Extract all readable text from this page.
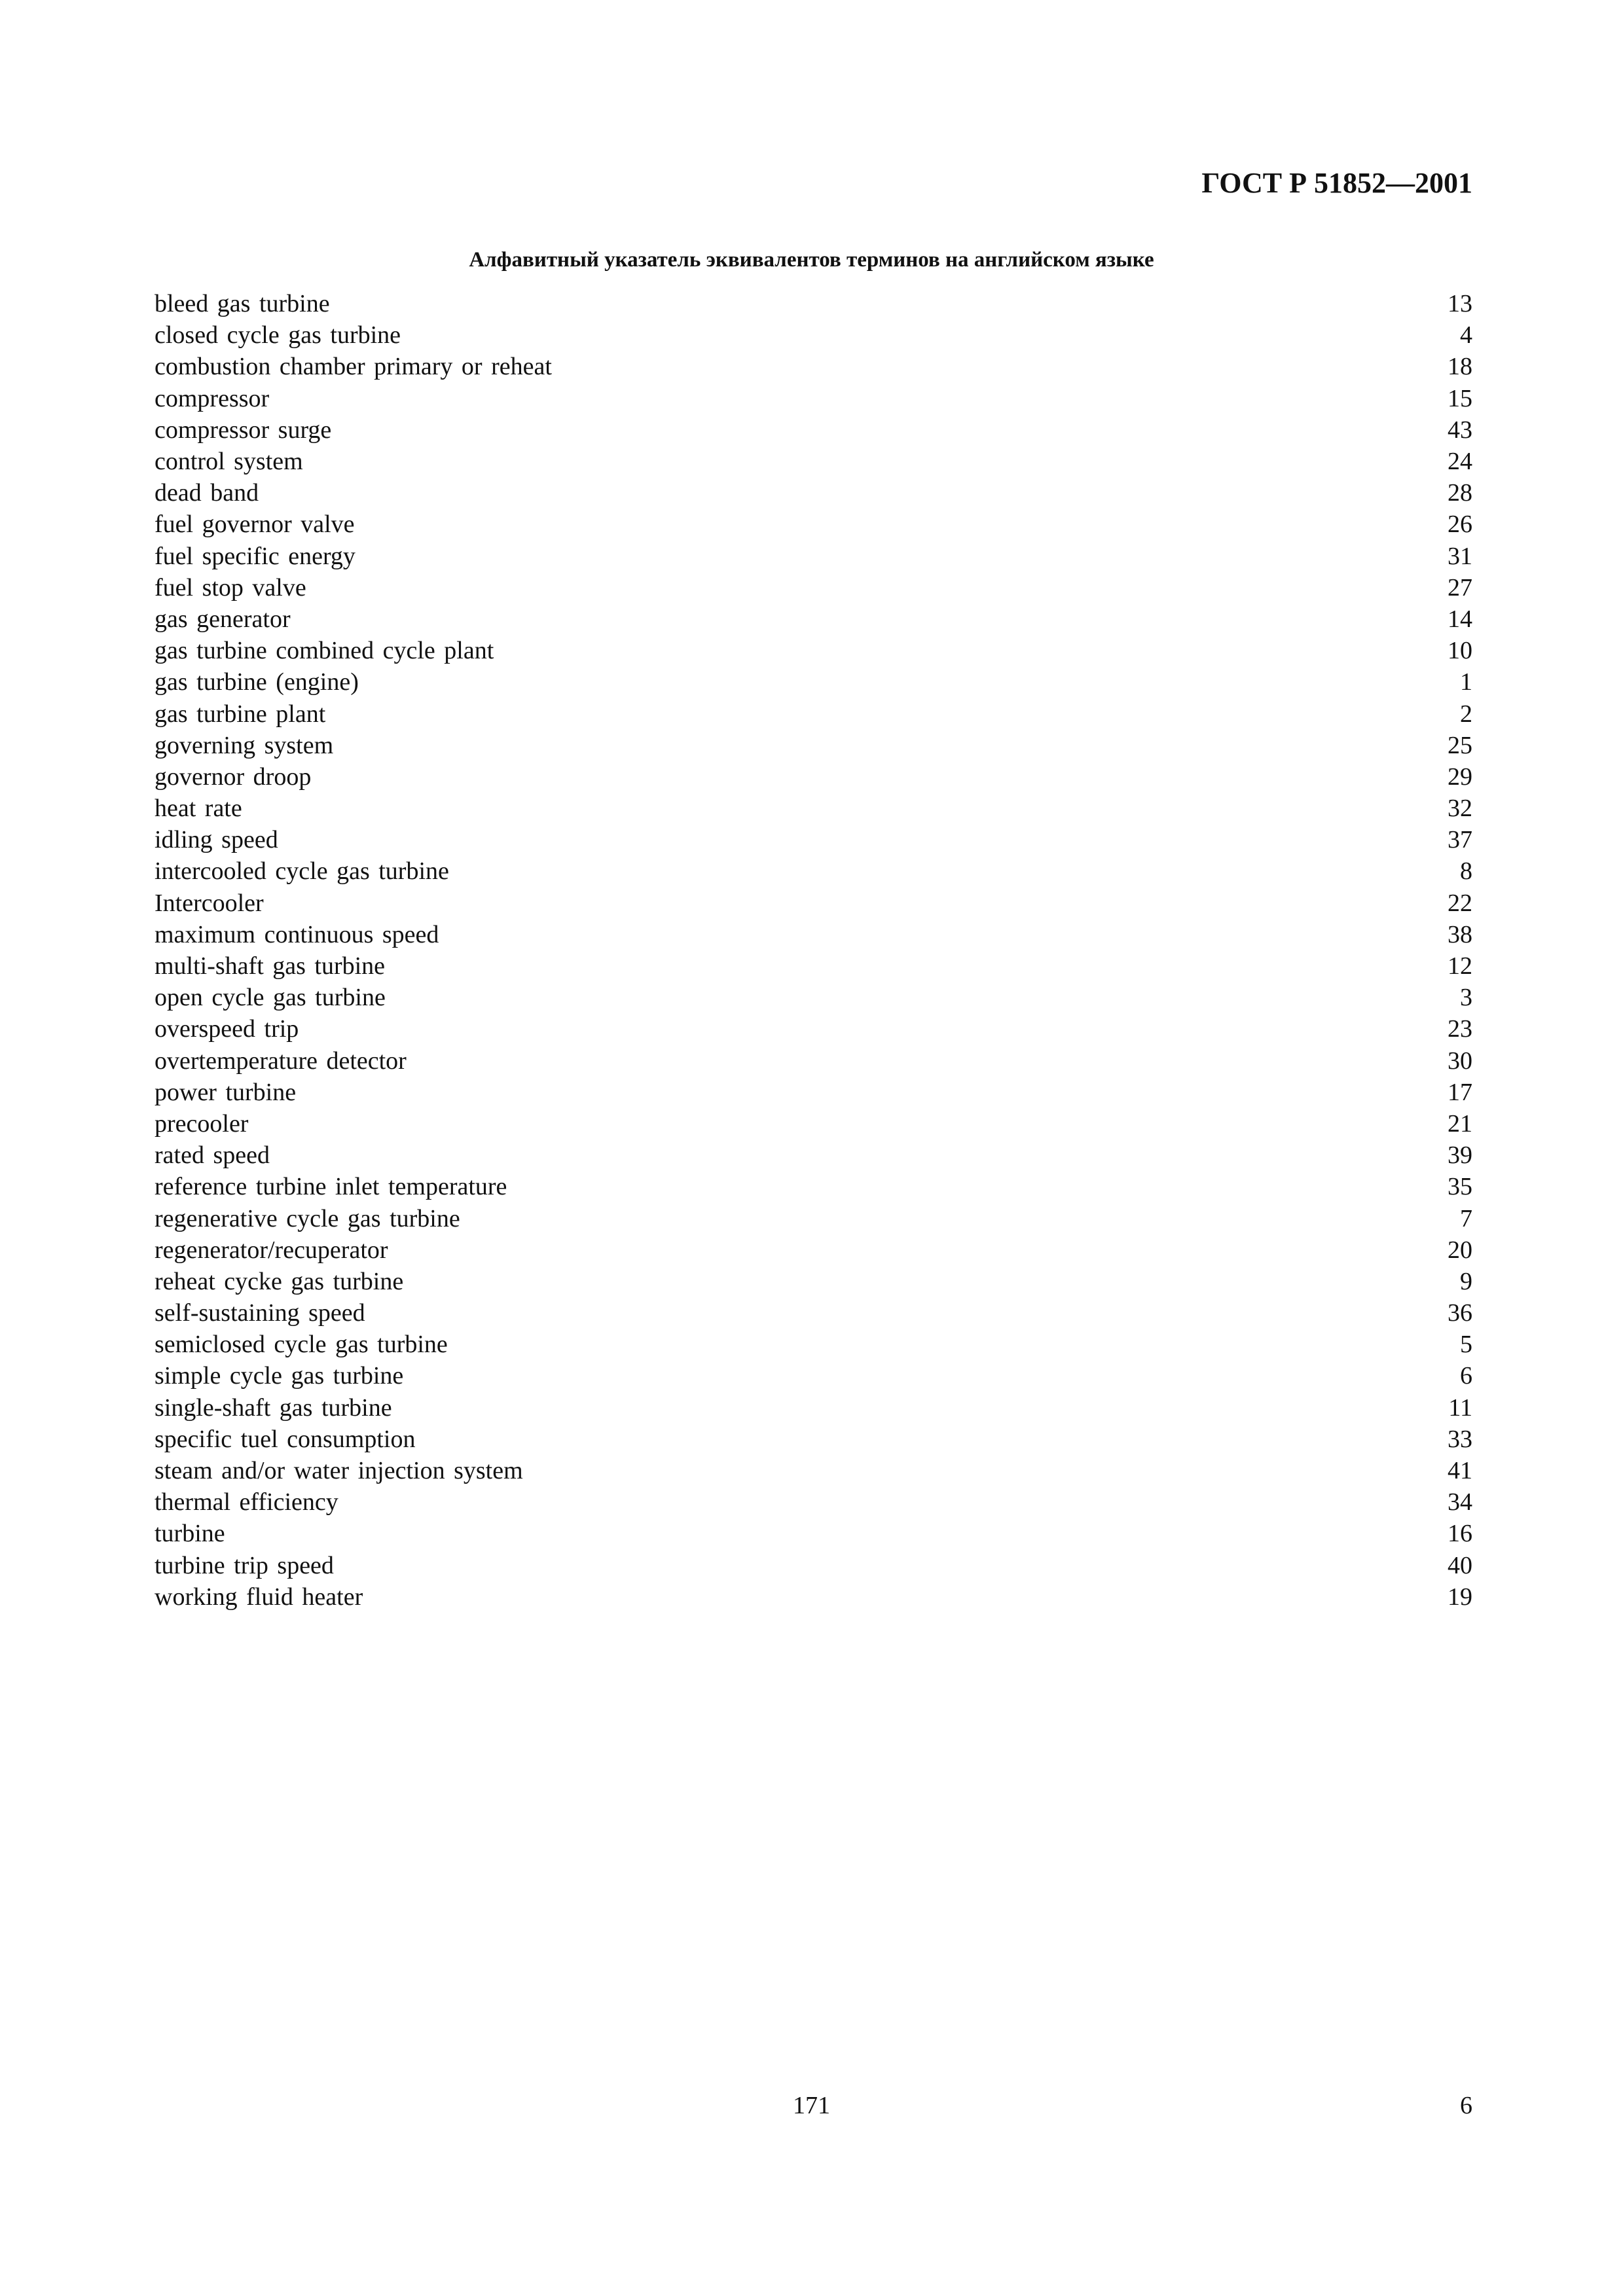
ГОСТ Р 51852—2001
Алфавитный указатель эквивалентов терминов на английском языке
bleed gas turbine	13
closed cycle gas turbine	4
combustion chamber primary or reheat	18
compressor	15
compressor surge	43
control system	24
dead band	28
fuel governor valve	26
fuel specific energy	31
fuel stop valve	27
gas generator	14
gas turbine combined cycle plant	10
gas turbine (engine)	1
gas turbine plant	2
governing system	25
governor droop	29
heat rate	32
idling speed	37
intercooled cycle gas turbine	8
Intercooler	22
maximum continuous speed	38
multi-shaft gas turbine	12
open cycle gas turbine	3
overspeed trip	23
overtemperature detector	30
power turbine	17
precooler	21
rated speed	39
reference turbine inlet temperature	35
regenerative cycle gas turbine	7
regenerator/recuperator	20
reheat cycke gas turbine	9
self-sustaining speed	36
semiclosed cycle gas turbine	5
simple cycle gas turbine	6
single-shaft gas turbine	11
specific tuel consumption	33
steam and/or water injection system	41
thermal efficiency	34
turbine	16
turbine trip speed	40
working fluid heater	19
171	6
